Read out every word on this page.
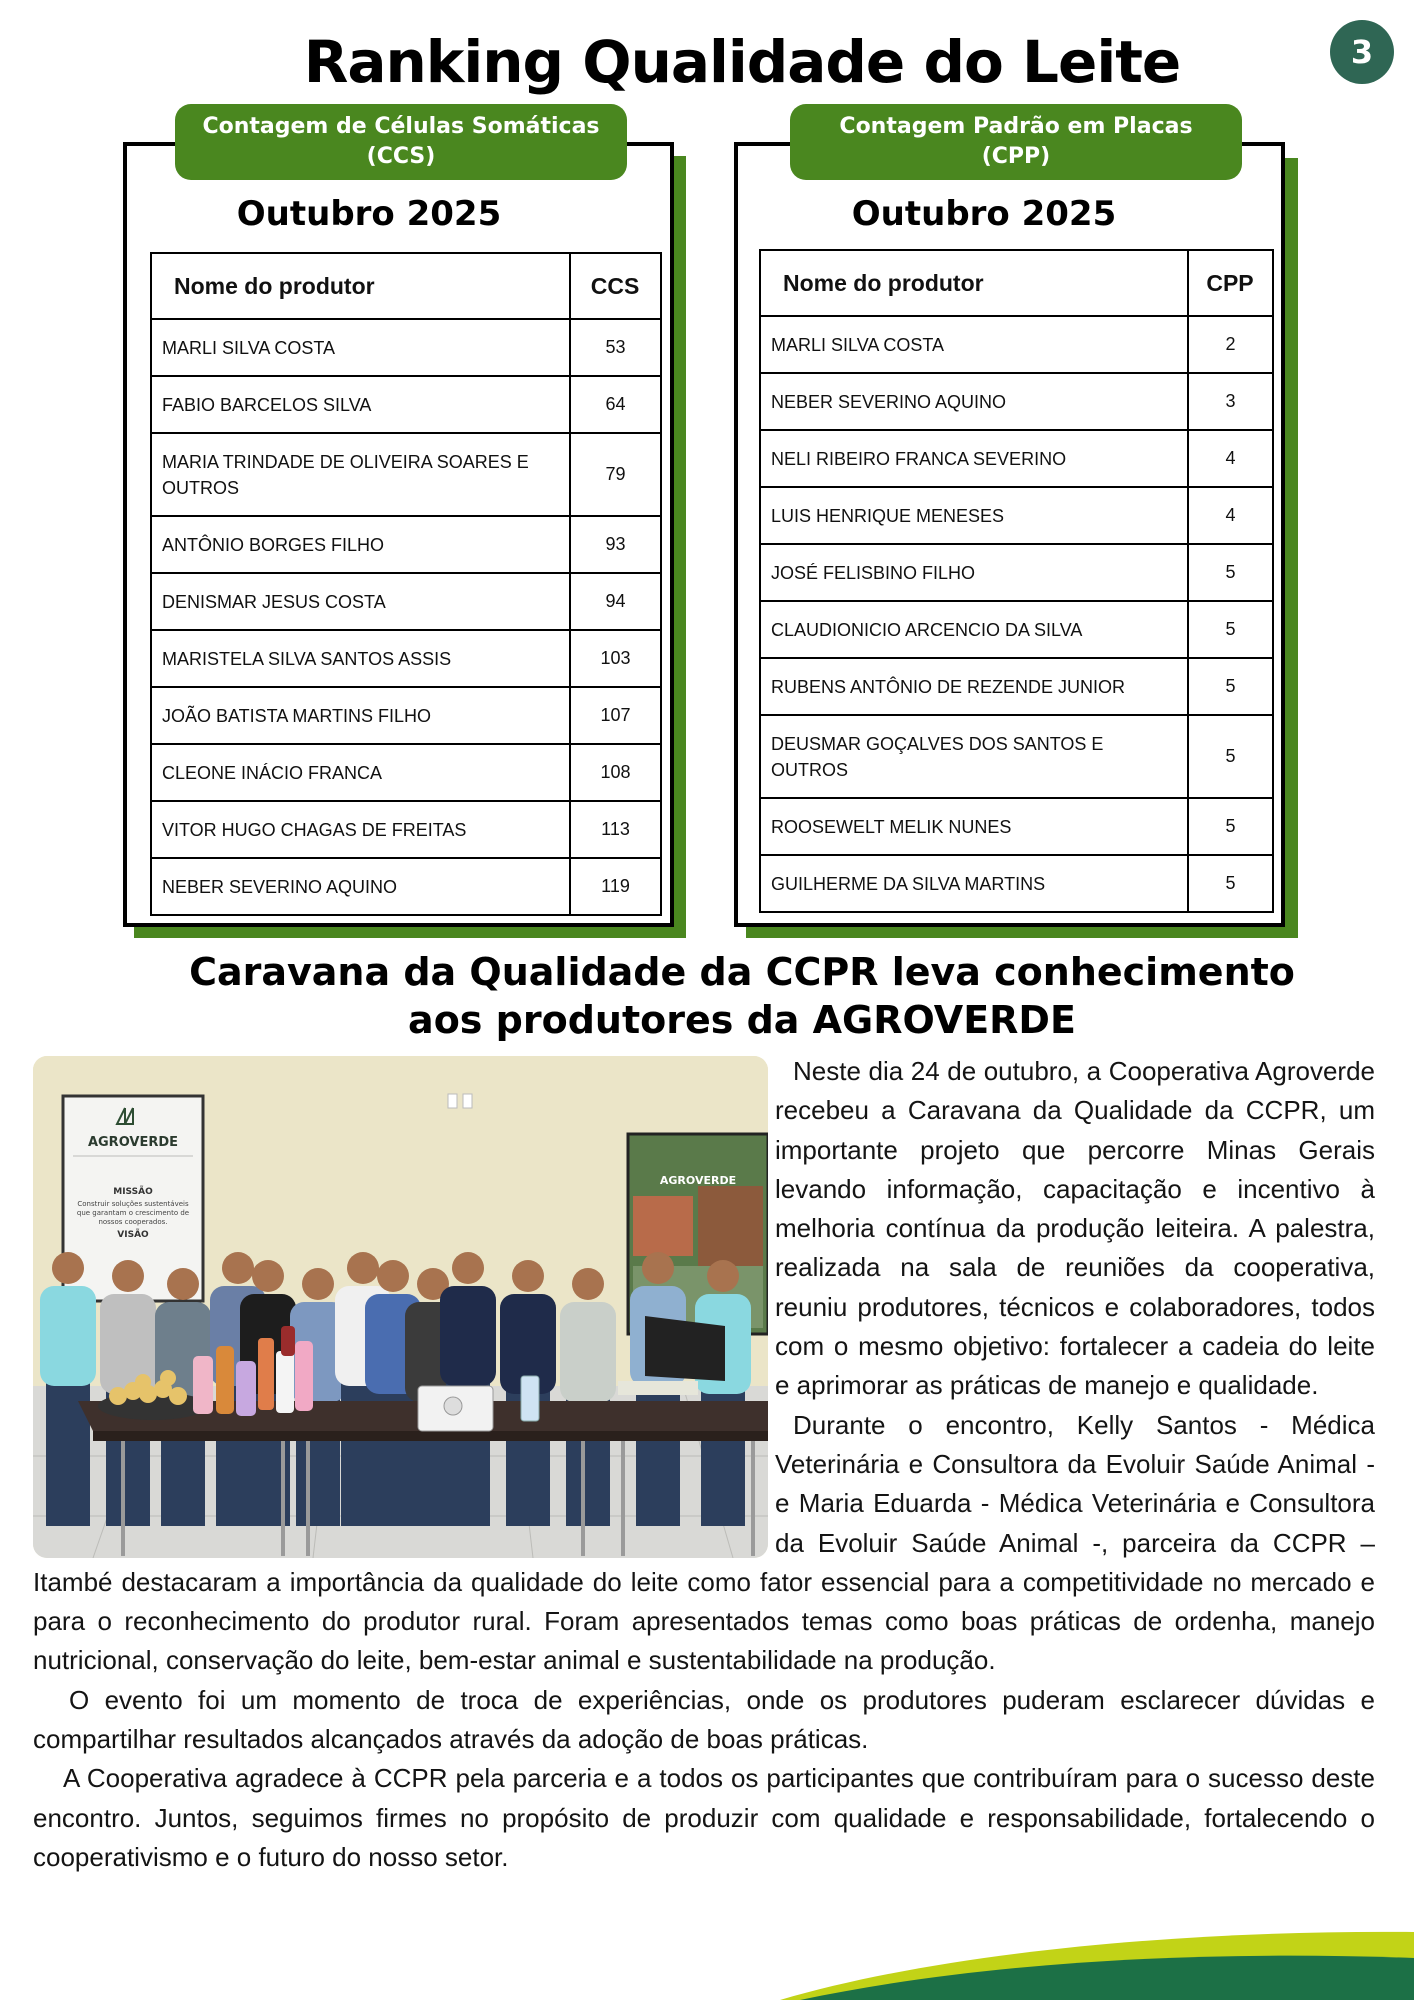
Ranking Qualidade do Leite	3
Contagem de Células Somáticas
(CCS)
Outubro 2025
Nome do produtor	CCS
MARLI SILVA COSTA	53
FABIO BARCELOS SILVA	64
MARIA TRINDADE DE OLIVEIRA SOARES E OUTROS	79
ANTÔNIO BORGES FILHO	93
DENISMAR JESUS COSTA	94
MARISTELA SILVA SANTOS ASSIS	103
JOÃO BATISTA MARTINS FILHO	107
CLEONE INÁCIO FRANCA	108
VITOR HUGO CHAGAS DE FREITAS	113
NEBER SEVERINO AQUINO	119
Contagem Padrão em Placas
(CPP)
Outubro 2025
Nome do produtor	CPP
MARLI SILVA COSTA	2
NEBER SEVERINO AQUINO	3
NELI RIBEIRO FRANCA SEVERINO	4
LUIS HENRIQUE MENESES	4
JOSÉ FELISBINO FILHO	5
CLAUDIONICIO ARCENCIO DA SILVA	5
RUBENS ANTÔNIO DE REZENDE JUNIOR	5
DEUSMAR GOÇALVES DOS SANTOS E OUTROS	5
ROOSEWELT MELIK NUNES	5
GUILHERME DA SILVA MARTINS	5
Caravana da Qualidade da CCPR leva conhecimento
aos produtores da AGROVERDE
AGROVERDE
MISSÃO
AGROVERDE
Construir soluções sustentáveis que garantam o crescimento de nossos cooperados.
VISÃO

Neste dia 24 de outubro, a Cooperativa Agroverde recebeu a Caravana da Qualidade da CCPR, um importante projeto que percorre Minas Gerais levando informação, capacitação e incentivo à melhoria contínua da produção leiteira. A palestra, realizada na sala de reuniões da cooperativa, reuniu produtores, técnicos e colaboradores, todos com o mesmo objetivo: fortalecer a cadeia do leite e aprimorar as práticas de manejo e qualidade.

Durante o encontro, Kelly Santos - Médica Veterinária e Consultora da Evoluir Saúde Animal - e Maria Eduarda - Médica Veterinária e Consultora da Evoluir Saúde Animal -, parceira da CCPR – Itambé destacaram a importância da qualidade do leite como fator essencial para a competitividade no mercado e para o reconhecimento do produtor rural. Foram apresentados temas como boas práticas de ordenha, manejo nutricional, conservação do leite, bem-estar animal e sustentabilidade na produção.

O evento foi um momento de troca de experiências, onde os produtores puderam esclarecer dúvidas e compartilhar resultados alcançados através da adoção de boas práticas.

A Cooperativa agradece à CCPR pela parceria e a todos os participantes que contribuíram para o sucesso deste encontro. Juntos, seguimos firmes no propósito de produzir com qualidade e responsabilidade, fortalecendo o cooperativismo e o futuro do nosso setor.
